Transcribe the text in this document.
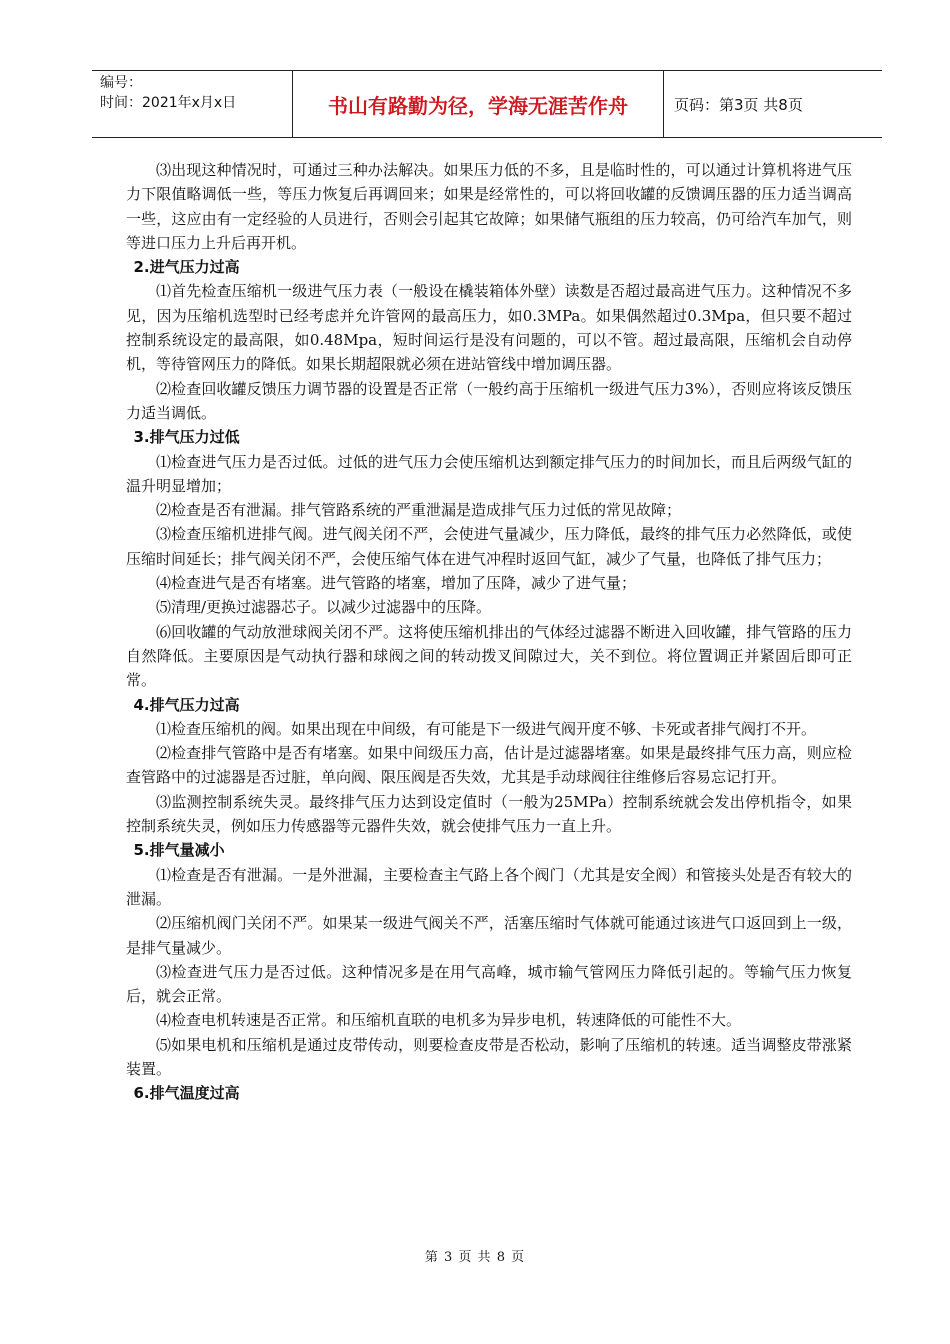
编号：
时间：2021年x月x日	书山有路勤为径，学海无涯苦作舟	页码：第3页 共8页

⑶出现这种情况时，可通过三种办法解决。如果压力低的不多，且是临时性的，可以通过计算机将进气压力下限值略调低一些，等压力恢复后再调回来；如果是经常性的，可以将回收罐的反馈调压器的压力适当调高一些，这应由有一定经验的人员进行，否则会引起其它故障；如果储气瓶组的压力较高，仍可给汽车加气，则等进口压力上升后再开机。

2.进气压力过高

⑴首先检查压缩机一级进气压力表（一般设在橇装箱体外壁）读数是否超过最高进气压力。这种情况不多见，因为压缩机选型时已经考虑并允许管网的最高压力，如0.3MPa。如果偶然超过0.3Mpa，但只要不超过控制系统设定的最高限，如0.48Mpa，短时间运行是没有问题的，可以不管。超过最高限，压缩机会自动停机，等待管网压力的降低。如果长期超限就必须在进站管线中增加调压器。

⑵检查回收罐反馈压力调节器的设置是否正常（一般约高于压缩机一级进气压力3%），否则应将该反馈压力适当调低。

3.排气压力过低

⑴检查进气压力是否过低。过低的进气压力会使压缩机达到额定排气压力的时间加长，而且后两级气缸的温升明显增加；

⑵检查是否有泄漏。排气管路系统的严重泄漏是造成排气压力过低的常见故障；

⑶检查压缩机进排气阀。进气阀关闭不严，会使进气量减少，压力降低，最终的排气压力必然降低，或使压缩时间延长；排气阀关闭不严，会使压缩气体在进气冲程时返回气缸，减少了气量，也降低了排气压力；

⑷检查进气是否有堵塞。进气管路的堵塞，增加了压降，减少了进气量；

⑸清理/更换过滤器芯子。以减少过滤器中的压降。

⑹回收罐的气动放泄球阀关闭不严。这将使压缩机排出的气体经过滤器不断进入回收罐，排气管路的压力自然降低。主要原因是气动执行器和球阀之间的转动拨叉间隙过大，关不到位。将位置调正并紧固后即可正常。

4.排气压力过高

⑴检查压缩机的阀。如果出现在中间级，有可能是下一级进气阀开度不够、卡死或者排气阀打不开。

⑵检查排气管路中是否有堵塞。如果中间级压力高，估计是过滤器堵塞。如果是最终排气压力高，则应检查管路中的过滤器是否过脏，单向阀、限压阀是否失效，尤其是手动球阀往往维修后容易忘记打开。

⑶监测控制系统失灵。最终排气压力达到设定值时（一般为25MPa）控制系统就会发出停机指令，如果控制系统失灵，例如压力传感器等元器件失效，就会使排气压力一直上升。

5.排气量减小

⑴检查是否有泄漏。一是外泄漏，主要检查主气路上各个阀门（尤其是安全阀）和管接头处是否有较大的泄漏。

⑵压缩机阀门关闭不严。如果某一级进气阀关不严，活塞压缩时气体就可能通过该进气口返回到上一级，是排气量减少。

⑶检查进气压力是否过低。这种情况多是在用气高峰，城市输气管网压力降低引起的。等输气压力恢复后，就会正常。

⑷检查电机转速是否正常。和压缩机直联的电机多为异步电机，转速降低的可能性不大。

⑸如果电机和压缩机是通过皮带传动，则要检查皮带是否松动，影响了压缩机的转速。适当调整皮带涨紧装置。

6.排气温度过高
第 3 页 共 8 页
